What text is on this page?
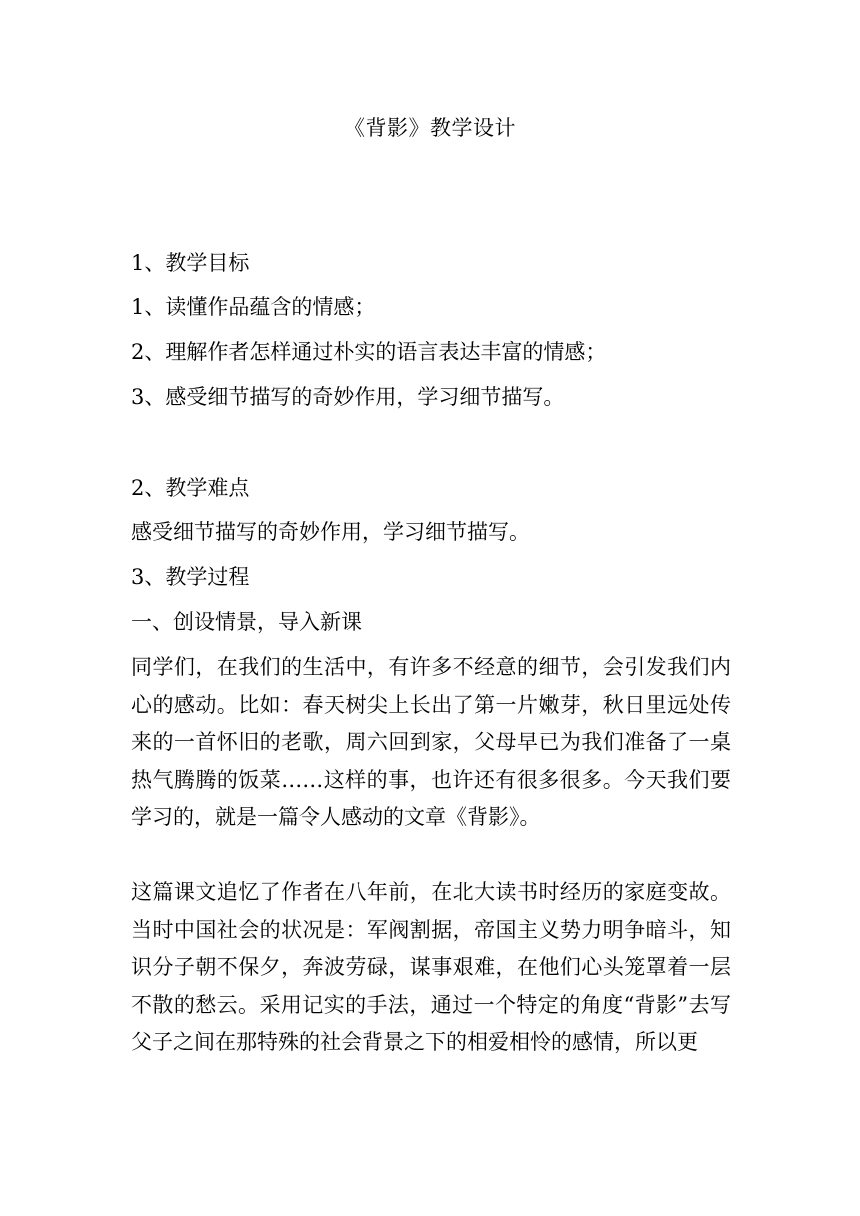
《背影》教学设计
1、教学目标
1、读懂作品蕴含的情感；
2、理解作者怎样通过朴实的语言表达丰富的情感；
3、感受细节描写的奇妙作用，学习细节描写。
2、教学难点
感受细节描写的奇妙作用，学习细节描写。
3、教学过程
一、创设情景，导入新课
同学们，在我们的生活中，有许多不经意的细节，会引发我们内心的感动。比如：春天树尖上长出了第一片嫩芽，秋日里远处传来的一首怀旧的老歌，周六回到家，父母早已为我们准备了一桌热气腾腾的饭菜……这样的事，也许还有很多很多。今天我们要学习的，就是一篇令人感动的文章《背影》。
这篇课文追忆了作者在八年前，在北大读书时经历的家庭变故。当时中国社会的状况是：军阀割据，帝国主义势力明争暗斗，知识分子朝不保夕，奔波劳碌，谋事艰难，在他们心头笼罩着一层不散的愁云。采用记实的手法，通过一个特定的角度“背影”去写父子之间在那特殊的社会背景之下的相爱相怜的感情，所以更
